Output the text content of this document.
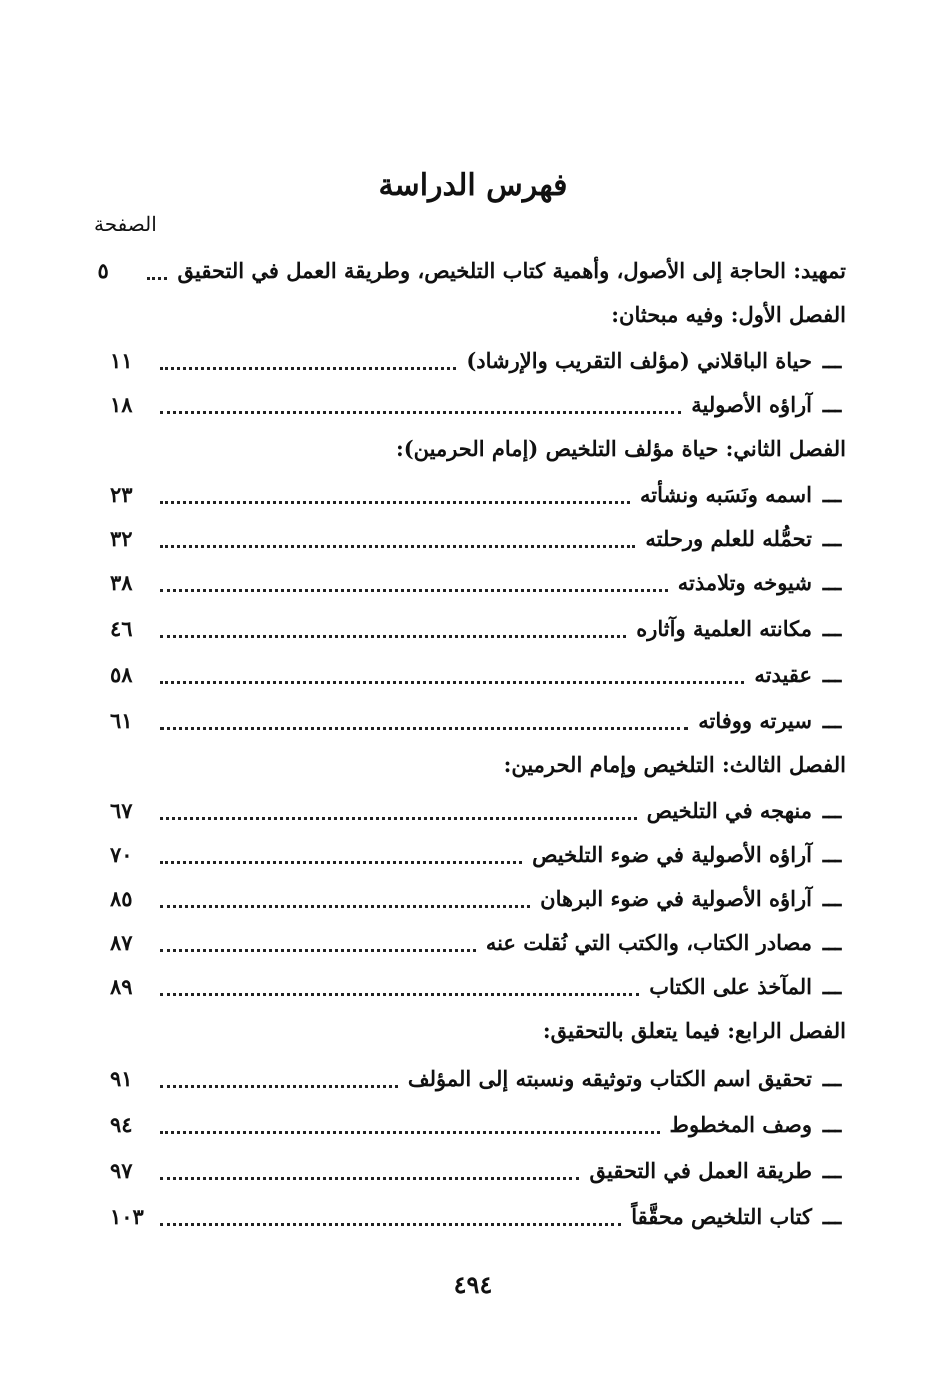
فهرس الدراسة
الصفحة
تمهيد: الحاجة إلى الأصول، وأهمية كتاب التلخيص، وطريقة العمل في التحقيق
٥
الفصل الأول: وفيه مبحثان:
ـــ
حياة الباقلاني (مؤلف التقريب والإرشاد)
١١
ـــ
آراؤه الأصولية
١٨
الفصل الثاني: حياة مؤلف التلخيص (إمام الحرمين):
ـــ
اسمه ونَسَبه ونشأته
٢٣
ـــ
تحمُّله للعلم ورحلته
٣٢
ـــ
شيوخه وتلامذته
٣٨
ـــ
مكانته العلمية وآثاره
٤٦
ـــ
عقيدته
٥٨
ـــ
سيرته ووفاته
٦١
الفصل الثالث: التلخيص وإمام الحرمين:
ـــ
منهجه في التلخيص
٦٧
ـــ
آراؤه الأصولية في ضوء التلخيص
٧٠
ـــ
آراؤه الأصولية في ضوء البرهان
٨٥
ـــ
مصادر الكتاب، والكتب التي نُقلت عنه
٨٧
ـــ
المآخذ على الكتاب
٨٩
الفصل الرابع: فيما يتعلق بالتحقيق:
ـــ
تحقيق اسم الكتاب وتوثيقه ونسبته إلى المؤلف
٩١
ـــ
وصف المخطوط
٩٤
ـــ
طريقة العمل في التحقيق
٩٧
ـــ
كتاب التلخيص محقَّقاً
١٠٣
٤٩٤
